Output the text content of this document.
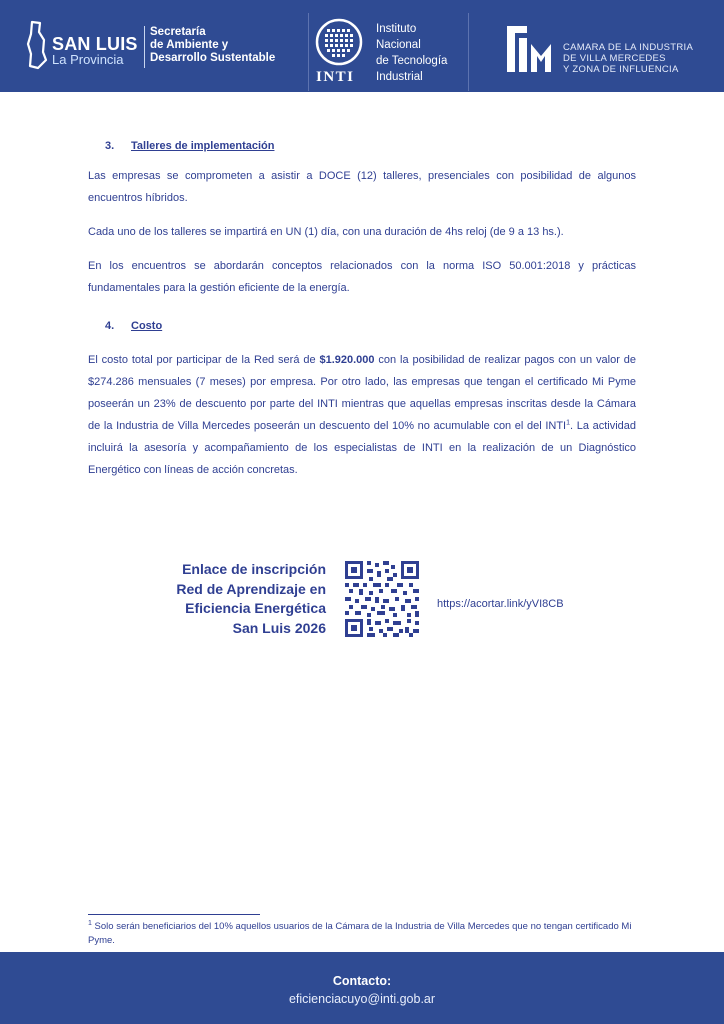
SAN LUIS
La Provincia
Secretaría
de Ambiente y
Desarrollo Sustentable
INTI
Instituto
Nacional
de Tecnología
Industrial
CAMARA DE LA INDUSTRIA
DE VILLA MERCEDES
Y ZONA DE INFLUENCIA
3. Talleres de implementación

Las empresas se comprometen a asistir a DOCE (12) talleres, presenciales con posibilidad de algunos encuentros híbridos.

Cada uno de los talleres se impartirá en UN (1) día, con una duración de 4hs reloj (de 9 a 13 hs.).

En los encuentros se abordarán conceptos relacionados con la norma ISO 50.001:2018 y prácticas fundamentales para la gestión eficiente de la energía.

4. Costo

El costo total por participar de la Red será de $1.920.000 con la posibilidad de realizar pagos con un valor de $274.286 mensuales (7 meses) por empresa. Por otro lado, las empresas que tengan el certificado Mi Pyme poseerán un 23% de descuento por parte del INTI mientras que aquellas empresas inscritas desde la Cámara de la Industria de Villa Mercedes poseerán un descuento del 10% no acumulable con el del INTI$^1$. La actividad incluirá la asesoría y acompañamiento de los especialistas de INTI en la realización de un Diagnóstico Energético con líneas de acción concretas.

Enlace de inscripción
Red de Aprendizaje en
Eficiencia Energética
San Luis 2026
https://acortar.link/yVI8CB
$^1$ Solo serán beneficiarios del 10% aquellos usuarios de la Cámara de la Industria de Villa Mercedes que no tengan certificado Mi Pyme.
Contacto:
eficienciacuyo@inti.gob.ar
